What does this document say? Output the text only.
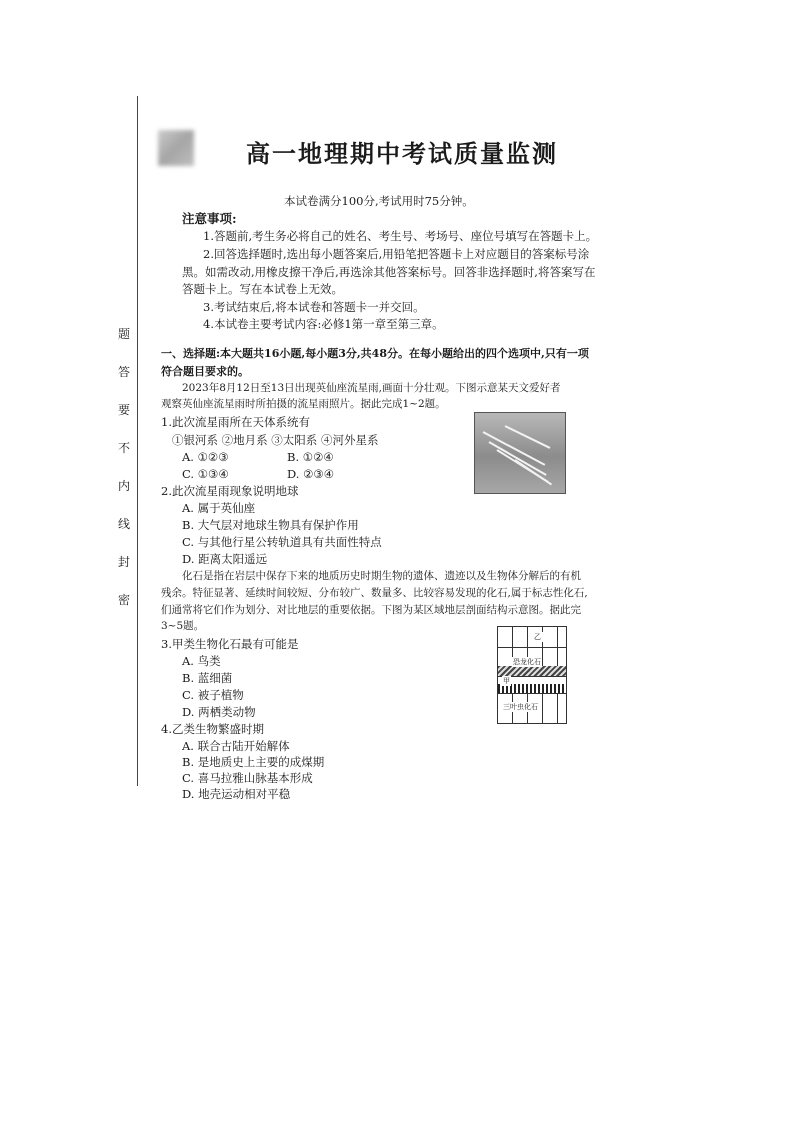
题
答
要
不
内
线
封
密
高一地理期中考试质量监测
本试卷满分100分,考试用时75分钟。
注意事项:
1.答题前,考生务必将自己的姓名、考生号、考场号、座位号填写在答题卡上。
2.回答选择题时,选出每小题答案后,用铅笔把答题卡上对应题目的答案标号涂
黑。如需改动,用橡皮擦干净后,再选涂其他答案标号。回答非选择题时,将答案写在
答题卡上。写在本试卷上无效。
3.考试结束后,将本试卷和答题卡一并交回。
4.本试卷主要考试内容:必修1第一章至第三章。
一、选择题:本大题共16小题,每小题3分,共48分。在每小题给出的四个选项中,只有一项
符合题目要求的。
2023年8月12日至13日出现英仙座流星雨,画面十分壮观。下图示意某天文爱好者
观察英仙座流星雨时所拍摄的流星雨照片。据此完成1~2题。
1.此次流星雨所在天体系统有
①银河系 ②地月系 ③太阳系 ④河外星系
A. ①②③	B. ①②④
C. ①③④	D. ②③④
2.此次流星雨现象说明地球
A. 属于英仙座
B. 大气层对地球生物具有保护作用
C. 与其他行星公转轨道具有共面性特点
D. 距离太阳遥远
化石是指在岩层中保存下来的地质历史时期生物的遗体、遗迹以及生物体分解后的有机
残余。特征显著、延续时间较短、分布较广、数量多、比较容易发现的化石,属于标志性化石,
们通常将它们作为划分、对比地层的重要依据。下图为某区域地层剖面结构示意图。据此完
3~5题。
乙
恐龙化石
甲
三叶虫化石
3.甲类生物化石最有可能是
A. 鸟类
B. 蓝细菌
C. 被子植物
D. 两栖类动物
4.乙类生物繁盛时期
A. 联合古陆开始解体
B. 是地质史上主要的成煤期
C. 喜马拉雅山脉基本形成
D. 地壳运动相对平稳
